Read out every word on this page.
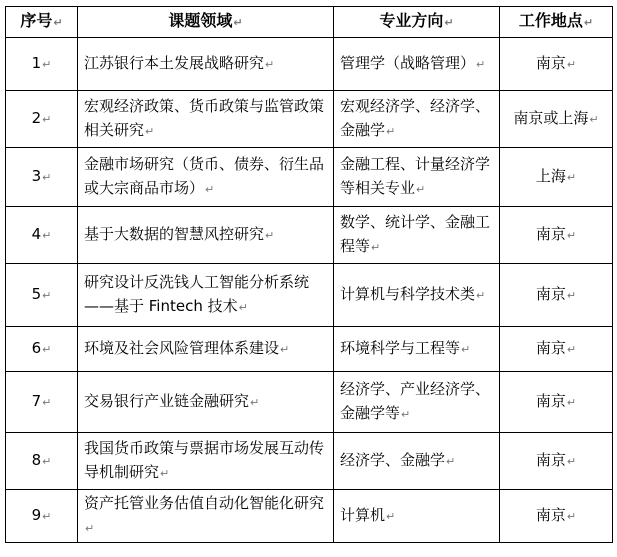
序号↵	课题领域↵	专业方向↵	工作地点↵
1↵	江苏银行本土发展战略研究↵	管理学（战略管理）↵	南京↵
2↵	宏观经济政策、货币政策与监管政策相关研究↵	宏观经济学、经济学、金融学↵	南京或上海↵
3↵	金融市场研究（货币、债券、衍生品或大宗商品市场）↵	金融工程、计量经济学等相关专业↵	上海↵
4↵	基于大数据的智慧风控研究↵	数学、统计学、金融工程等↵	南京↵
5↵	研究设计反洗钱人工智能分析系统——基于 Fintech 技术↵	计算机与科学技术类↵	南京↵
6↵	环境及社会风险管理体系建设↵	环境科学与工程等↵	南京↵
7↵	交易银行产业链金融研究↵	经济学、产业经济学、金融学等↵	南京↵
8↵	我国货币政策与票据市场发展互动传导机制研究↵	经济学、金融学↵	南京↵
9↵	资产托管业务估值自动化智能化研究↵	计算机↵	南京↵
